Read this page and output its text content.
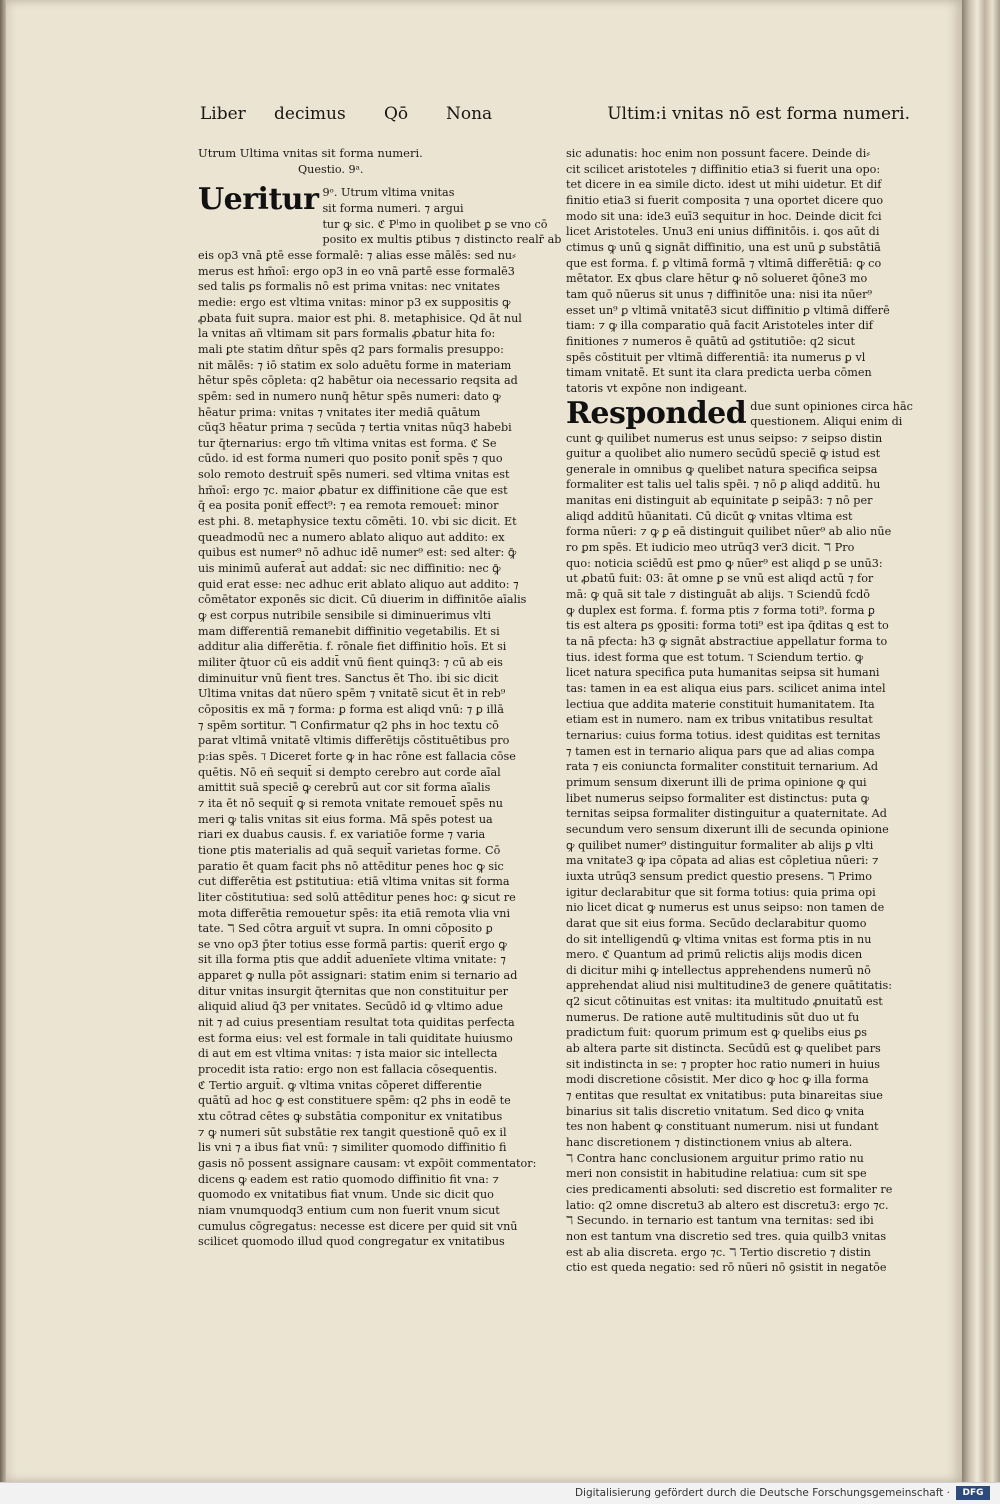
Liber decimus Qō Nona	Ultim:i vnitas nō est forma numeri.
Utrum Ultima vnitas sit forma numeri.
Questio. 9ᵃ.
Ueritur 9ᵒ. Utrum vltima vnitas
sit forma numeri. ⁊ argui
tur ꝙ sic. ℭ Pˡmo in quolibet ꝑ se vno cō
posito ex multis ꝑtibus ⁊ distincto realr̄ ab
eis op3 vnā ꝑtē esse formalē: ⁊ alias esse mālēs: sed nu⸗
merus est hm̄oī: ergo op3 in eo vnā partē esse formalē3
sed talis ꝑs formalis nō est prima vnitas: nec vnitates
medie: ergo est vltima vnitas: minor p3 ex suppositis ꝙ
ꝓbata fuit supra. maior est phi. 8. metaphisice. Qd āt nul
la vnitas añ vltimam sit pars formalis ꝓbatur hita fo:
mali ꝑte statim dñtur spēs q2 pars formalis presuppo:
nit mālēs: ⁊ iō statim ex solo aduētu forme in materiam
hētur spēs cōpleta: q2 habētur oia necessario reqsita ad
spēm: sed in numero nunq̄ hētur spēs numeri: dato ꝙ
hēatur prima: vnitas ⁊ vnitates iter mediā quātum
cūq3 hēatur prima ⁊ secūda ⁊ tertia vnitas nūq3 habebi
tur q̄ternarius: ergo tm̄ vltima vnitas est forma. ℭ Se
cūdo. id est forma numeri quo posito ponit̄ spēs ⁊ quo
solo remoto destruit̄ spēs numeri. sed vltima vnitas est
hm̄oī: ergo ⁊c. maior ꝓbatur ex diffinitione cāe que est
q̄ ea posita ponit̄ effect⁹: ⁊ ea remota remouet̄: minor
est phi. 8. metaphysice textu cōmēti. 10. vbi sic dicit. Et
queadmodū nec a numero ablato aliquo aut addito: ex
quibus est numer⁹ nō adhuc idē numer⁹ est: sed alter: ꝙ̄
uis minimū auferat̄ aut addat̄: sic nec diffinitio: nec ꝙ̄
quid erat esse: nec adhuc erit ablato aliquo aut addito: ⁊
cōmētator exponēs sic dicit. Cū diuerim in diffinitōe aīalis
ꝙ est corpus nutribile sensibile si diminuerimus vlti
mam differentiā remanebit diffinitio vegetabilis. Et si
additur alia differētia. f. rōnale fiet diffinitio hoīs. Et si
militer q̄tuor cū eis addit̄ vnū fient quinq3: ⁊ cū ab eis
diminuitur vnū fient tres. Sanctus ēt Tho. ibi sic dicit
Ultima vnitas dat nūero spēm ⁊ vnitatē sicut ēt in reb⁹
cōpositis ex mā ⁊ forma: ꝑ forma est aliqd vnū: ⁊ ꝑ illā
⁊ spēm sortitur. ℸ Confirmatur q2 phs in hoc textu cō
parat vltimā vnitatē vltimis differētijs cōstituētibus pro
p:ias spēs. ℸ Diceret forte ꝙ in hac rōne est fallacia cōse
quētis. Nō eñ sequit̄ si dempto cerebro aut corde aīal
amittit suā speciē ꝙ cerebrū aut cor sit forma aīalis
⁊ ita ēt nō sequit̄ ꝙ si remota vnitate remouet̄ spēs nu
meri ꝙ talis vnitas sit eius forma. Mā spēs potest ua
riari ex duabus causis. f. ex variatiōe forme ⁊ varia
tione ꝑtis materialis ad quā sequit̄ varietas forme. Cō
paratio ēt quam facit phs nō attēditur penes hoc ꝙ sic
cut differētia est ꝑstitutiua: etiā vltima vnitas sit forma
liter cōstitutiua: sed solū attēditur penes hoc: ꝙ sicut re
mota differētia remouetur spēs: ita etiā remota vlia vni
tate. ℸ Sed cōtra arguit̄ vt supra. In omni cōposito ꝑ
se vno op3 p̄ter totius esse formā partis: querit̄ ergo ꝙ
sit illa forma ptis que addit̄ aduenīete vltima vnitate: ⁊
apparet ꝙ nulla pōt assignari: statim enim si ternario ad
ditur vnitas insurgit q̄ternitas que non constituitur per
aliquid aliud q̄3 per vnitates. Secūdō id ꝙ vltimo adue
nit ⁊ ad cuius presentiam resultat tota quiditas perfecta
est forma eius: vel est formale in tali quiditate huiusmo
di aut em est vltima vnitas: ⁊ ista maior sic intellecta
procedit ista ratio: ergo non est fallacia cōsequentis.
ℭ Tertio arguit̄. ꝙ vltima vnitas cōperet differentie
quātū ad hoc ꝙ est constituere spēm: q2 phs in eodē te
xtu cōtrad cētes ꝙ substātia componitur ex vnitatibus
⁊ ꝙ numeri sūt substātie rex tangit questionē quō ex il
lis vni ⁊ a ibus fiat vnū: ⁊ similiter quomodo diffinitio fi
gasis nō possent assignare causam: vt expōit commentator:
dicens ꝙ eadem est ratio quomodo diffinitio fit vna: ⁊
quomodo ex vnitatibus fiat vnum. Unde sic dicit quo
niam vnumquodq3 entium cum non fuerit vnum sicut
cumulus cōgregatus: necesse est dicere per quid sit vnū
scilicet quomodo illud quod congregatur ex vnitatibus
sic adunatis: hoc enim non possunt facere. Deinde di⸗
cit scilicet aristoteles ⁊ diffinitio etia3 si fuerit una opo:
tet dicere in ea simile dicto. idest ut mihi uidetur. Et dif
finitio etia3 si fuerit composita ⁊ una oportet dicere quo
modo sit una: ide3 euī3 sequitur in hoc. Deinde dicit fci
licet Aristoteles. Unu3 eni unius diffinitōis. i. ꝗos aūt di
ctimus ꝙ unū ꝗ signāt diffinitio, una est unū ꝑ substātiā
que est forma. f. ꝑ vltimā formā ⁊ vltimā differētiā: ꝙ co
mētator. Ex qbus clare hētur ꝙ nō solueret q̄ōne3 mo
tam quō nūerus sit unus ⁊ diffinitōe una: nisi ita nūer⁹
esset un⁹ ꝑ vltimā vnitatē3 sicut diffinitio ꝑ vltimā differē
tiam: ⁊ ꝙ illa comparatio quā facit Aristoteles inter dif
finitiones ⁊ numeros ē quātū ad ꝯstitutiōe: q2 sicut
spēs cōstituit per vltimā differentiā: ita numerus ꝑ vl
timam vnitatē. Et sunt ita clara predicta uerba cōmen
tatoris vt expōne non indigeant.
Responded due sunt opiniones circa hāc
questionem. Aliqui enim di
cunt ꝙ quilibet numerus est unus seipso: ⁊ seipso distin
guitur a quolibet alio numero secūdū speciē ꝙ istud est
generale in omnibus ꝙ quelibet natura specifica seipsa
formaliter est talis uel talis spēi. ⁊ nō ꝑ aliqd additū. hu
manitas eni distinguit ab equinitate ꝑ seipā3: ⁊ nō per
aliqd additū hūanitati. Cū dicūt ꝙ vnitas vltima est
forma nūeri: ⁊ ꝙ ꝑ eā distinguit quilibet nūer⁹ ab alio nūe
ro ꝑm spēs. Et iudicio meo utrūq3 ver3 dicit. ℸ Pro
quo: noticia sciēdū est ꝑmo ꝙ nūer⁹ est aliqd ꝑ se unū3:
ut ꝓbatū fuit: 03: āt omne ꝑ se vnū est aliqd actū ⁊ for
mā: ꝙ quā sit tale ⁊ distinguāt ab alijs. ℸ Sciendū fcdō
ꝙ duplex est forma. f. forma ptis ⁊ forma toti⁹. forma ꝑ
tis est altera ꝑs ꝯpositi: forma toti⁹ est ipa q̄ditas ꝗ est to
ta nā pfecta: h3 ꝙ signāt abstractiue appellatur forma to
tius. idest forma que est totum. ℸ Sciendum tertio. ꝙ
licet natura specifica puta humanitas seipsa sit humani
tas: tamen in ea est aliqua eius pars. scilicet anima intel
lectiua que addita materie constituit humanitatem. Ita
etiam est in numero. nam ex tribus vnitatibus resultat
ternarius: cuius forma totius. idest quiditas est ternitas
⁊ tamen est in ternario aliqua pars que ad alias compa
rata ⁊ eis coniuncta formaliter constituit ternarium. Ad
primum sensum dixerunt illi de prima opinione ꝙ qui
libet numerus seipso formaliter est distinctus: puta ꝙ
ternitas seipsa formaliter distinguitur a quaternitate. Ad
secundum vero sensum dixerunt illi de secunda opinione
ꝙ quilibet numer⁹ distinguitur formaliter ab alijs ꝑ vlti
ma vnitate3 ꝙ ipa cōpata ad alias est cōpletiua nūeri: ⁊
iuxta utrūq3 sensum predict questio presens. ℸ Primo
igitur declarabitur que sit forma totius: quia prima opi
nio licet dicat ꝙ numerus est unus seipso: non tamen de
darat que sit eius forma. Secūdo declarabitur quomo
do sit intelligendū ꝙ vltima vnitas est forma ptis in nu
mero. ℭ Quantum ad primū relictis alijs modis dicen
di dicitur mihi ꝙ intellectus apprehendens numerū nō
apprehendat aliud nisi multitudine3 de genere quātitatis:
q2 sicut cōtinuitas est vnitas: ita multitudo ꝓnuitatū est
numerus. De ratione autē multitudinis sūt duo ut fu
pradictum fuit: quorum primum est ꝙ quelibs eius ꝑs
ab altera parte sit distincta. Secūdū est ꝙ quelibet pars
sit indistincta in se: ⁊ propter hoc ratio numeri in huius
modi discretione cōsistit. Mer dico ꝙ hoc ꝙ illa forma
⁊ entitas que resultat ex vnitatibus: puta binareitas siue
binarius sit talis discretio vnitatum. Sed dico ꝙ vnita
tes non habent ꝙ constituant numerum. nisi ut fundant
hanc discretionem ⁊ distinctionem vnius ab altera.
ℸ Contra hanc conclusionem arguitur primo ratio nu
meri non consistit in habitudine relatiua: cum sit spe
cies predicamenti absoluti: sed discretio est formaliter re
latio: q2 omne discretu3 ab altero est discretu3: ergo ⁊c.
ℸ Secundo. in ternario est tantum vna ternitas: sed ibi
non est tantum vna discretio sed tres. quia quilb3 vnitas
est ab alia discreta. ergo ⁊c. ℸ Tertio discretio ⁊ distin
ctio est queda negatio: sed rō nūeri nō ꝯsistit in negatōe
Digitalisierung gefördert durch die Deutsche Forschungsgemeinschaft ·	DFG
